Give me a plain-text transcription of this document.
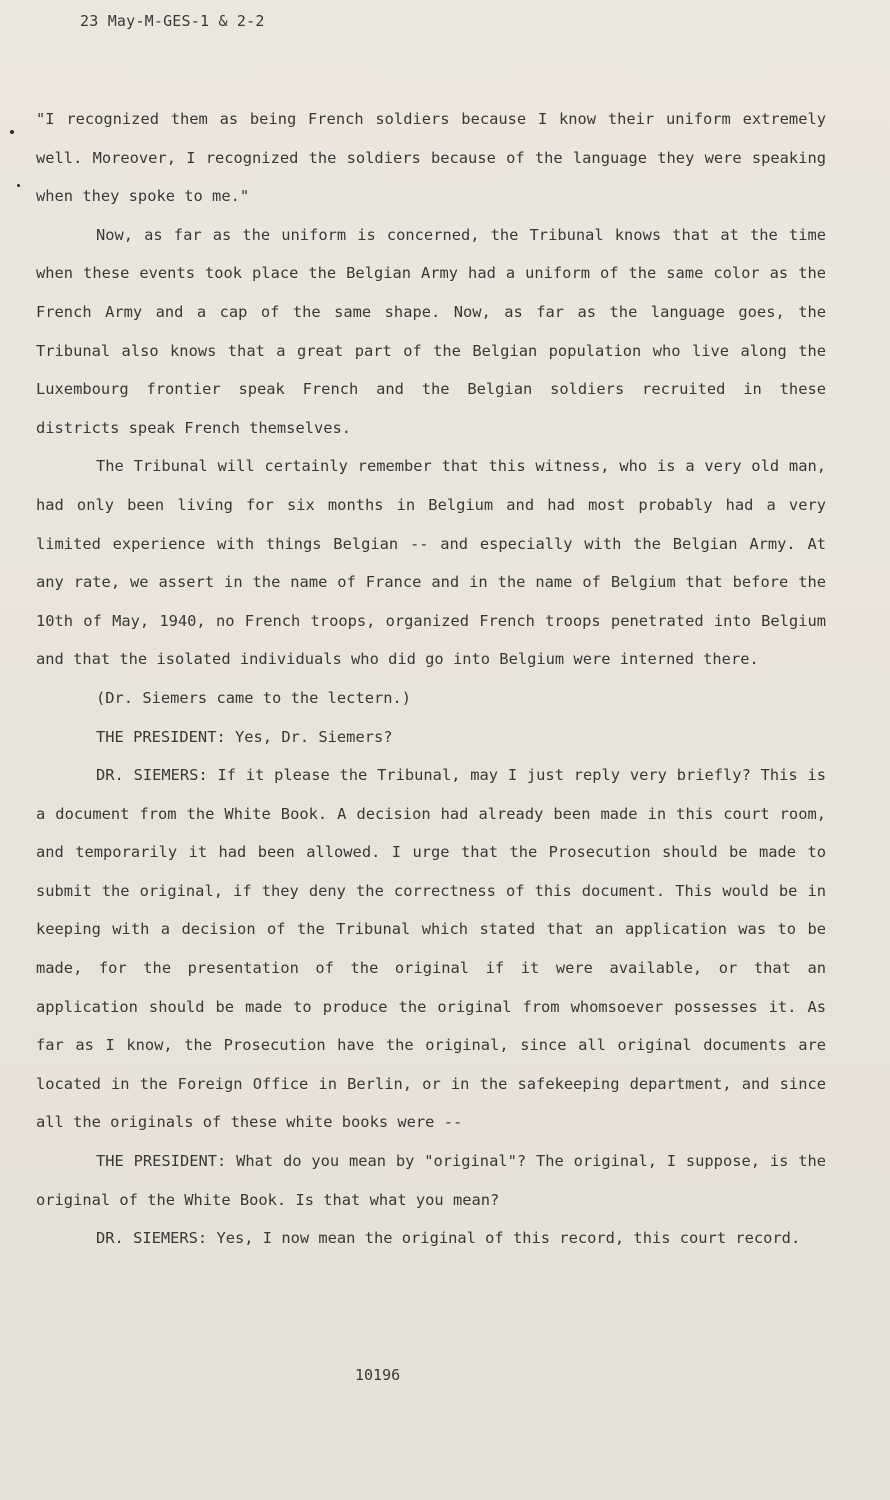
23 May-M-GES-1 & 2-2

"I recognized them as being French soldiers because I know their uniform extremely well. Moreover, I recognized the soldiers because of the language they were speaking when they spoke to me."

Now, as far as the uniform is concerned, the Tribunal knows that at the time when these events took place the Belgian Army had a uniform of the same color as the French Army and a cap of the same shape. Now, as far as the language goes, the Tribunal also knows that a great part of the Belgian population who live along the Luxembourg frontier speak French and the Belgian soldiers recruited in these districts speak French themselves.

The Tribunal will certainly remember that this witness, who is a very old man, had only been living for six months in Belgium and had most probably had a very limited experience with things Belgian -- and especially with the Belgian Army. At any rate, we assert in the name of France and in the name of Belgium that before the 10th of May, 1940, no French troops, organized French troops penetrated into Belgium and that the isolated individuals who did go into Belgium were interned there.

(Dr. Siemers came to the lectern.)

THE PRESIDENT: Yes, Dr. Siemers?

DR. SIEMERS: If it please the Tribunal, may I just reply very briefly? This is a document from the White Book. A decision had already been made in this court room, and temporarily it had been allowed. I urge that the Prosecution should be made to submit the original, if they deny the correctness of this document. This would be in keeping with a decision of the Tribunal which stated that an application was to be made, for the presentation of the original if it were available, or that an application should be made to produce the original from whomsoever possesses it. As far as I know, the Prosecution have the original, since all original documents are located in the Foreign Office in Berlin, or in the safekeeping department, and since all the originals of these white books were --

THE PRESIDENT: What do you mean by "original"? The original, I suppose, is the original of the White Book. Is that what you mean?

DR. SIEMERS: Yes, I now mean the original of this record, this court record.

10196
